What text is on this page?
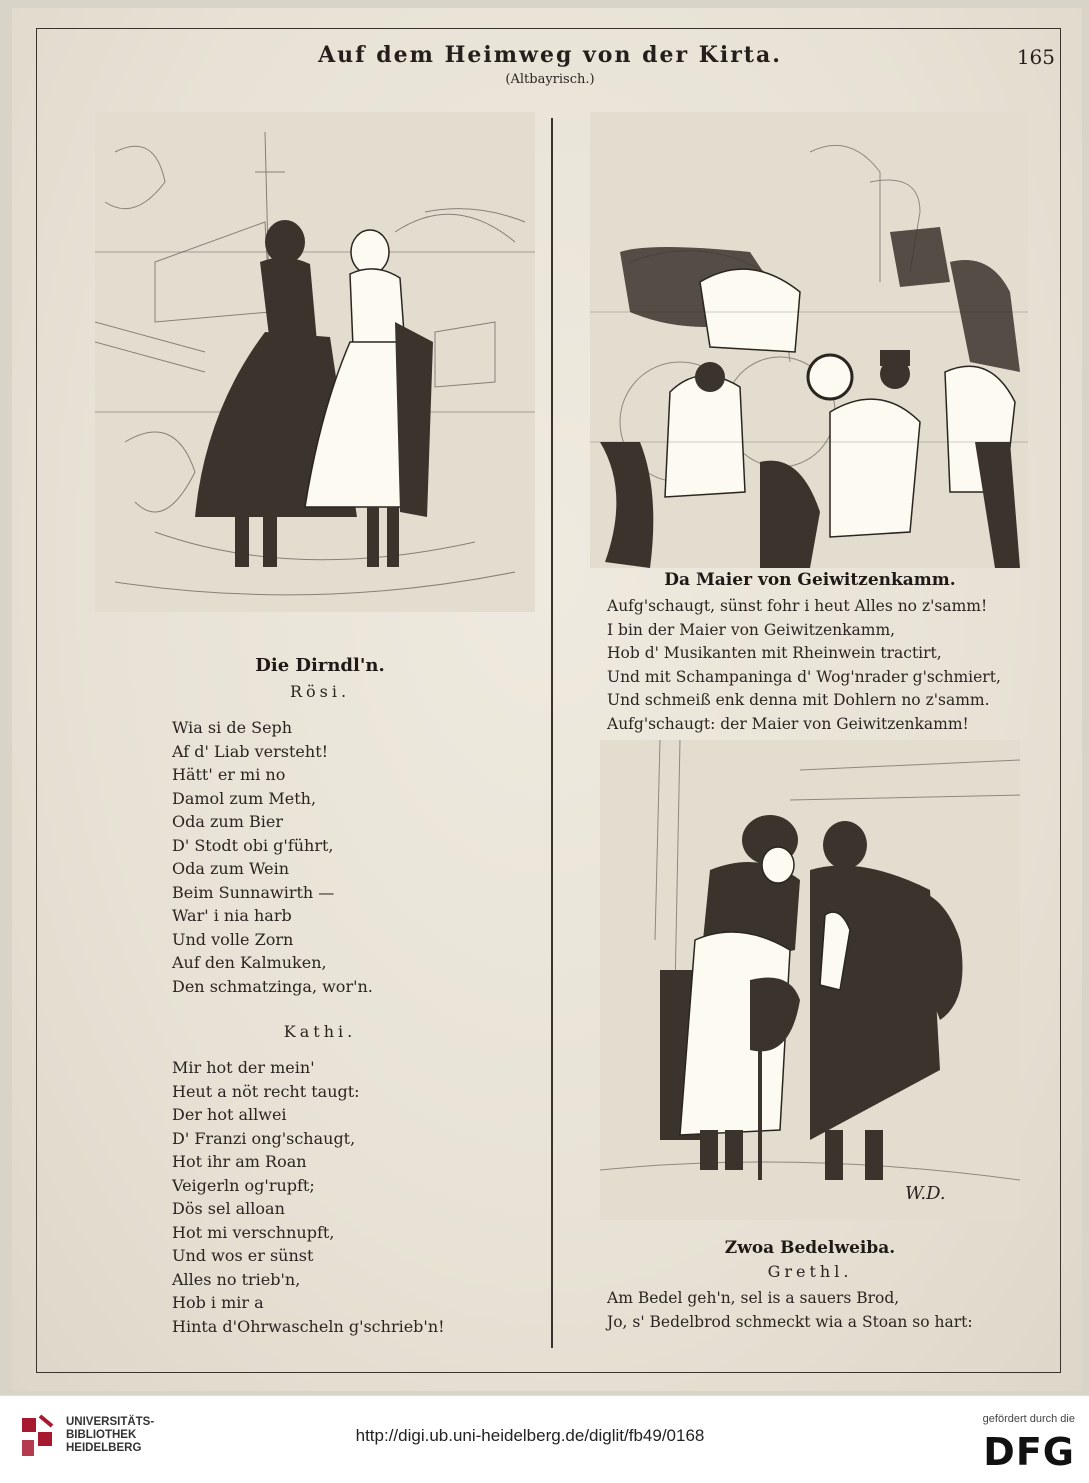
Auf dem Heimweg von der Kirta.
(Altbayrisch.)
165
W.D.
Die Dirndl'n.
Rösi.
Wia si de Seph
Af d' Liab versteht!
Hätt' er mi no
Damol zum Meth,
Oda zum Bier
D' Stodt obi g'führt,
Oda zum Wein
Beim Sunnawirth —
War' i nia harb
Und volle Zorn
Auf den Kalmuken,
Den schmatzinga, wor'n.
Kathi.
Mir hot der mein'
Heut a nöt recht taugt:
Der hot allwei
D' Franzi ong'schaugt,
Hot ihr am Roan
Veigerln og'rupft;
Dös sel alloan
Hot mi verschnupft,
Und wos er sünst
Alles no trieb'n,
Hob i mir a
Hinta d'Ohrwascheln g'schrieb'n!
Da Maier von Geiwitzenkamm.
Aufg'schaugt, sünst fohr i heut Alles no z'samm!
I bin der Maier von Geiwitzenkamm,
Hob d' Musikanten mit Rheinwein tractirt,
Und mit Schampaninga d' Wog'nrader g'schmiert,
Und schmeiß enk denna mit Dohlern no z'samm.
Aufg'schaugt: der Maier von Geiwitzenkamm!
Zwoa Bedelweiba.
Grethl.
Am Bedel geh'n, sel is a sauers Brod,
Jo, s' Bedelbrod schmeckt wia a Stoan so hart:
UNIVERSITÄTS-
BIBLIOTHEK
HEIDELBERG
http://digi.ub.uni-heidelberg.de/diglit/fb49/0168
gefördert durch die
DFG
